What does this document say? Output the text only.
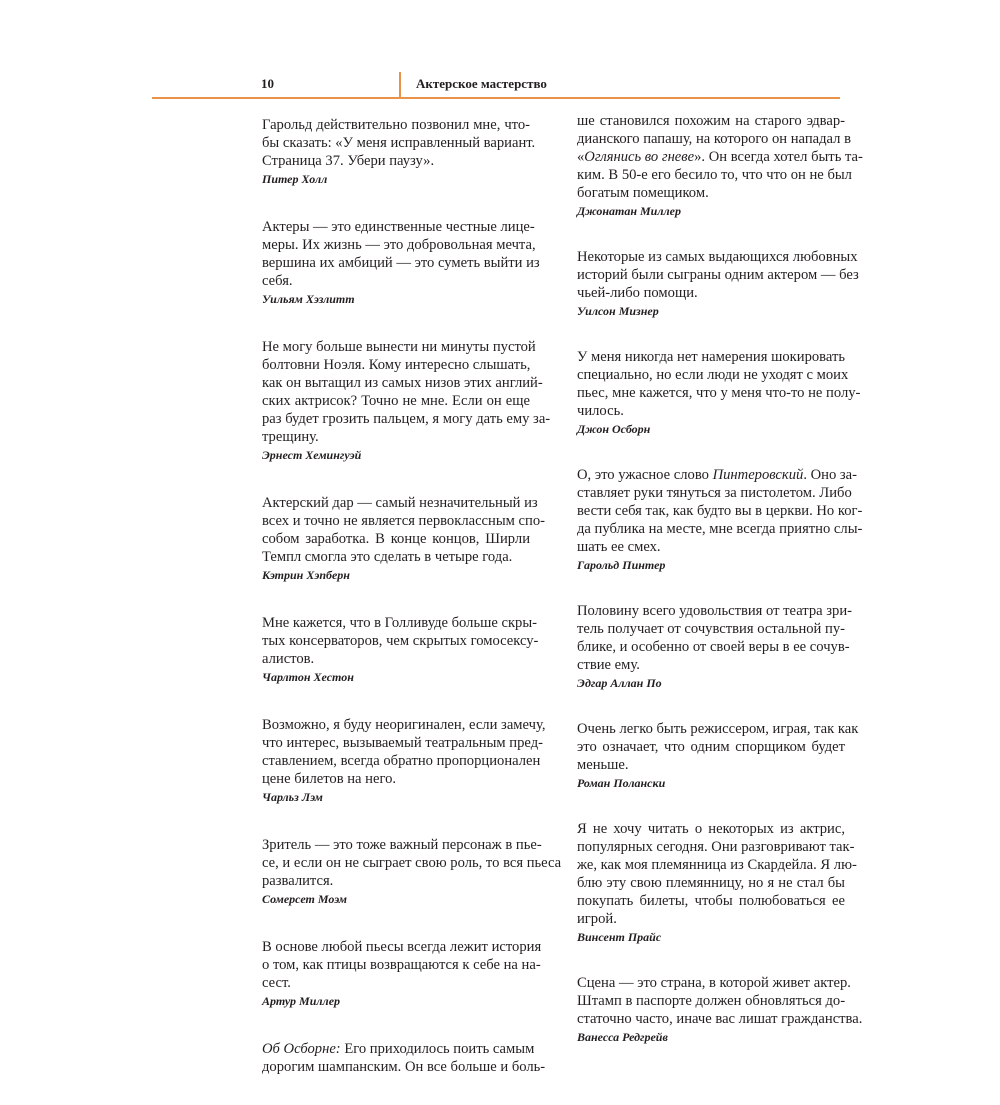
10	Актерское мастерство
Гарольд действительно позвонил мне, что-
бы сказать: «У меня исправленный вариант.
Страница 37. Убери паузу».
Питер Холл
Актеры — это единственные честные лице-
меры. Их жизнь — это добровольная мечта,
вершина их амбиций — это суметь выйти из
себя.
Уильям Хэзлитт
Не могу больше вынести ни минуты пустой
болтовни Ноэля. Кому интересно слышать,
как он вытащил из самых низов этих англий-
ских актрисок? Точно не мне. Если он еще
раз будет грозить пальцем, я могу дать ему за-
трещину.
Эрнест Хемингуэй
Актерский дар — самый незначительный из
всех и точно не является первоклассным спо-
собом заработка. В конце концов, Ширли
Темпл смогла это сделать в четыре года.
Кэтрин Хэпберн
Мне кажется, что в Голливуде больше скры-
тых консерваторов, чем скрытых гомосексу-
алистов.
Чарлтон Хестон
Возможно, я буду неоригинален, если замечу,
что интерес, вызываемый театральным пред-
ставлением, всегда обратно пропорционален
цене билетов на него.
Чарльз Лэм
Зритель — это тоже важный персонаж в пье-
се, и если он не сыграет свою роль, то вся пьеса
развалится.
Сомерсет Моэм
В основе любой пьесы всегда лежит история
о том, как птицы возвращаются к себе на на-
сест.
Артур Миллер
Об Осборне: Его приходилось поить самым
дорогим шампанским. Он все больше и боль-
ше становился похожим на старого эдвар-
дианского папашу, на которого он нападал в
«Оглянись во гневе». Он всегда хотел быть та-
ким. В 50-е его бесило то, что что он не был
богатым помещиком.
Джонатан Миллер
Некоторые из самых выдающихся любовных
историй были сыграны одним актером — без
чьей-либо помощи.
Уилсон Мизнер
У меня никогда нет намерения шокировать
специально, но если люди не уходят с моих
пьес, мне кажется, что у меня что-то не полу-
чилось.
Джон Осборн
О, это ужасное слово Пинтеровский. Оно за-
ставляет руки тянуться за пистолетом. Либо
вести себя так, как будто вы в церкви. Но ког-
да публика на месте, мне всегда приятно слы-
шать ее смех.
Гарольд Пинтер
Половину всего удовольствия от театра зри-
тель получает от сочувствия остальной пу-
блике, и особенно от своей веры в ее сочув-
ствие ему.
Эдгар Аллан По
Очень легко быть режиссером, играя, так как
это означает, что одним спорщиком будет
меньше.
Роман Полански
Я не хочу читать о некоторых из актрис,
популярных сегодня. Они разговривают так-
же, как моя племянница из Скардейла. Я лю-
блю эту свою племянницу, но я не стал бы
покупать билеты, чтобы полюбоваться ее
игрой.
Винсент Прайс
Сцена — это страна, в которой живет актер.
Штамп в паспорте должен обновляться до-
статочно часто, иначе вас лишат гражданства.
Ванесса Редгрейв
